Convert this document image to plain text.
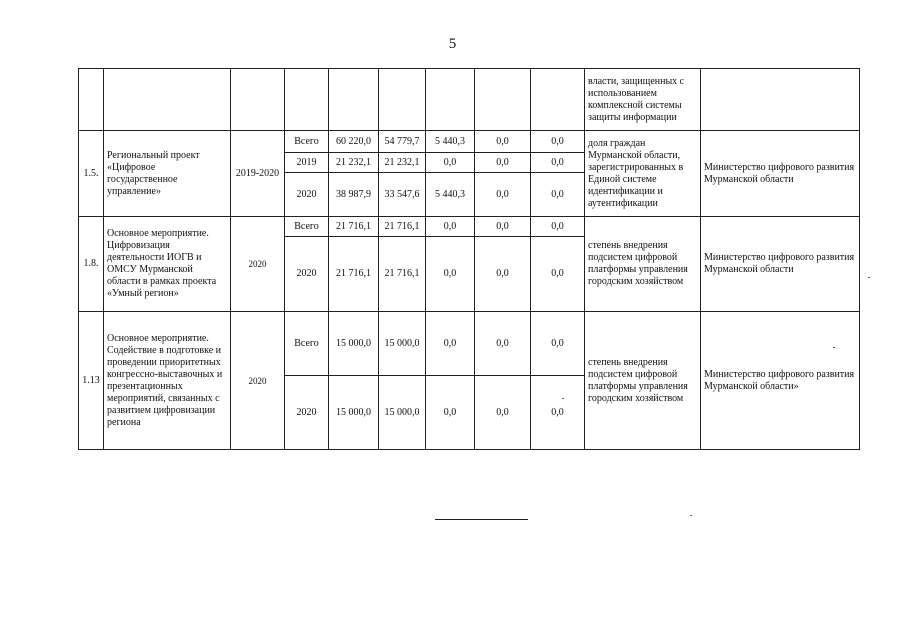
5
									власти, защищенных с использованием комплексной системы защиты информации	
1.5.	Региональный проект «Цифровое государственное управление»	2019-2020	Всего	60 220,0	54 779,7	5 440,3	0,0	0,0	доля граждан Мурманской области, зарегистрированных в Единой системе идентификации и аутентификации	Министерство цифрового развития Мурманской области
			2019	21 232,1	21 232,1	0,0	0,0	0,0		
			2020	38 987,9	33 547,6	5 440,3	0,0	0,0		
1.8.	Основное мероприятие. Цифровизация деятельности ИОГВ и ОМСУ Мурманской области в рамках проекта «Умный регион»	2020	Всего	21 716,1	21 716,1	0,0	0,0	0,0	степень внедрения подсистем цифровой платформы управления городским хозяйством	Министерство цифрового развития Мурманской области
			2020	21 716,1	21 716,1	0,0	0,0	0,0		
1.13	Основное мероприятие. Содействие в подготовке и проведении приоритетных конгрессно-выставочных и презентационных мероприятий, связанных с развитием цифровизации региона	2020	Всего	15 000,0	15 000,0	0,0	0,0	0,0	степень внедрения подсистем цифровой платформы управления городским хозяйством	Министерство цифрового развития Мурманской области»
			2020	15 000,0	15 000,0	0,0	0,0	0,0		
